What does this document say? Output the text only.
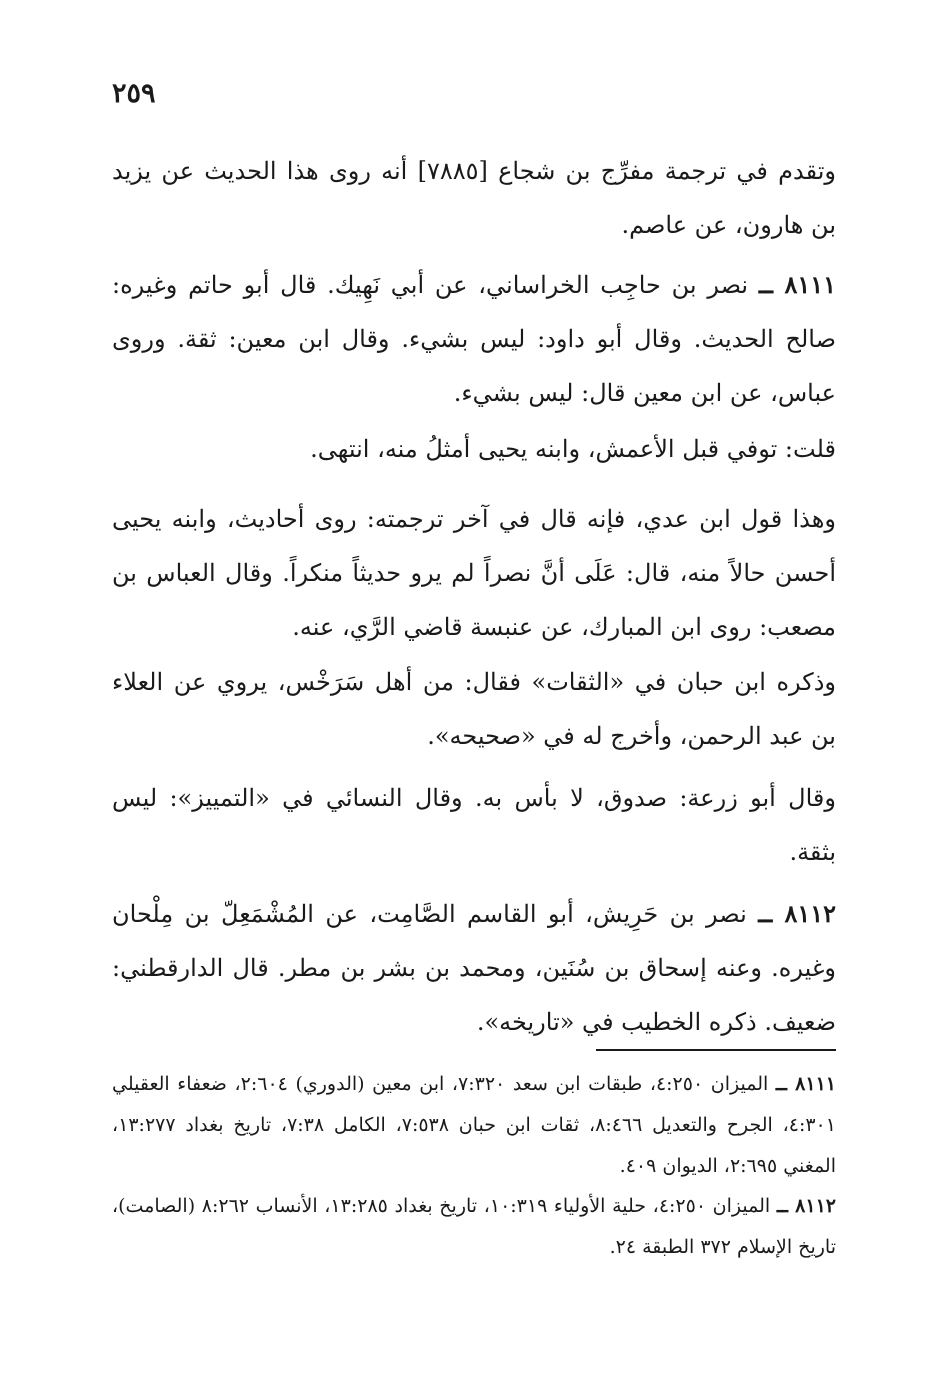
٢٥٩
وتقدم في ترجمة مفرِّج بن شجاع [٧٨٨٥] أنه روى هذا الحديث عن يزيد بن هارون، عن عاصم.
٨١١١ ــ نصر بن حاجِب الخراساني، عن أبي نَهِيك. قال أبو حاتم وغيره: صالح الحديث. وقال أبو داود: ليس بشيء. وقال ابن معين: ثقة. وروى عباس، عن ابن معين قال: ليس بشيء.
قلت: توفي قبل الأعمش، وابنه يحيى أمثلُ منه، انتهى.
وهذا قول ابن عدي، فإنه قال في آخر ترجمته: روى أحاديث، وابنه يحيى أحسن حالاً منه، قال: عَلَى أنَّ نصراً لم يرو حديثاً منكراً. وقال العباس بن مصعب: روى ابن المبارك، عن عنبسة قاضي الرَّي، عنه.
وذكره ابن حبان في «الثقات» فقال: من أهل سَرَخْس، يروي عن العلاء بن عبد الرحمن، وأخرج له في «صحيحه».
وقال أبو زرعة: صدوق، لا بأس به. وقال النسائي في «التمييز»: ليس بثقة.
٨١١٢ ــ نصر بن حَرِيش، أبو القاسم الصَّامِت، عن المُشْمَعِلّ بن مِلْحان وغيره. وعنه إسحاق بن سُنَين، ومحمد بن بشر بن مطر. قال الدارقطني: ضعيف. ذكره الخطيب في «تاريخه».
٨١١١ ــ الميزان ٤:٢٥٠، طبقات ابن سعد ٧:٣٢٠، ابن معين (الدوري) ٢:٦٠٤، ضعفاء العقيلي ٤:٣٠١، الجرح والتعديل ٨:٤٦٦، ثقات ابن حبان ٧:٥٣٨، الكامل ٧:٣٨، تاريخ بغداد ١٣:٢٧٧، المغني ٢:٦٩٥، الديوان ٤٠٩.
٨١١٢ ــ الميزان ٤:٢٥٠، حلية الأولياء ١٠:٣١٩، تاريخ بغداد ١٣:٢٨٥، الأنساب ٨:٢٦٢ (الصامت)، تاريخ الإسلام ٣٧٢ الطبقة ٢٤.
